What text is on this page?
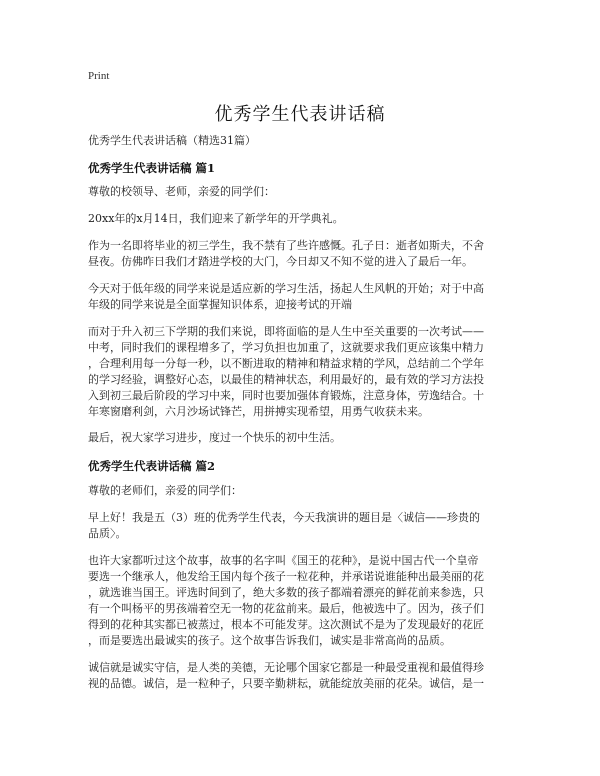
Print
优秀学生代表讲话稿
优秀学生代表讲话稿（精选31篇）
优秀学生代表讲话稿 篇1
尊敬的校领导、老师，亲爱的同学们：
20xx年的x月14日，我们迎来了新学年的开学典礼。
作为一名即将毕业的初三学生，我不禁有了些许感慨。孔子日：逝者如斯夫，不舍
昼夜。仿佛昨日我们才踏进学校的大门，今日却又不知不觉的进入了最后一年。
今天对于低年级的同学来说是适应新的学习生活，扬起人生风帆的开始；对于中高
年级的同学来说是全面掌握知识体系，迎接考试的开端
而对于升入初三下学期的我们来说，即将面临的是人生中至关重要的一次考试——
中考，同时我们的课程增多了，学习负担也加重了，这就要求我们更应该集中精力
，合理利用每一分每一秒，以不断进取的精神和精益求精的学风，总结前二个学年
的学习经验，调整好心态，以最佳的精神状态，利用最好的，最有效的学习方法投
入到初三最后阶段的学习中来，同时也要加强体育锻炼，注意身体，劳逸结合。十
年寒窗磨利剑，六月沙场试锋芒，用拼搏实现希望，用勇气收获未来。
最后，祝大家学习进步，度过一个快乐的初中生活。
优秀学生代表讲话稿 篇2
尊敬的老师们，亲爱的同学们：
早上好！我是五（3）班的优秀学生代表，今天我演讲的题目是〈诚信——珍贵的
品质〉。
也许大家都听过这个故事，故事的名字叫《国王的花种》，是说中国古代一个皇帝
要选一个继承人，他发给王国内每个孩子一粒花种，并承诺说谁能种出最美丽的花
，就选谁当国王。评选时间到了，绝大多数的孩子都端着漂亮的鲜花前来参选，只
有一个叫杨平的男孩端着空无一物的花盆前来。最后，他被选中了。因为，孩子们
得到的花种其实都已被蒸过，根本不可能发芽。这次测试不是为了发现最好的花匠
，而是要选出最诚实的孩子。这个故事告诉我们，诚实是非常高尚的品质。
诚信就是诚实守信，是人类的美德，无论哪个国家它都是一种最受重视和最值得珍
视的品德。诚信，是一粒种子，只要辛勤耕耘，就能绽放美丽的花朵。诚信，是一
